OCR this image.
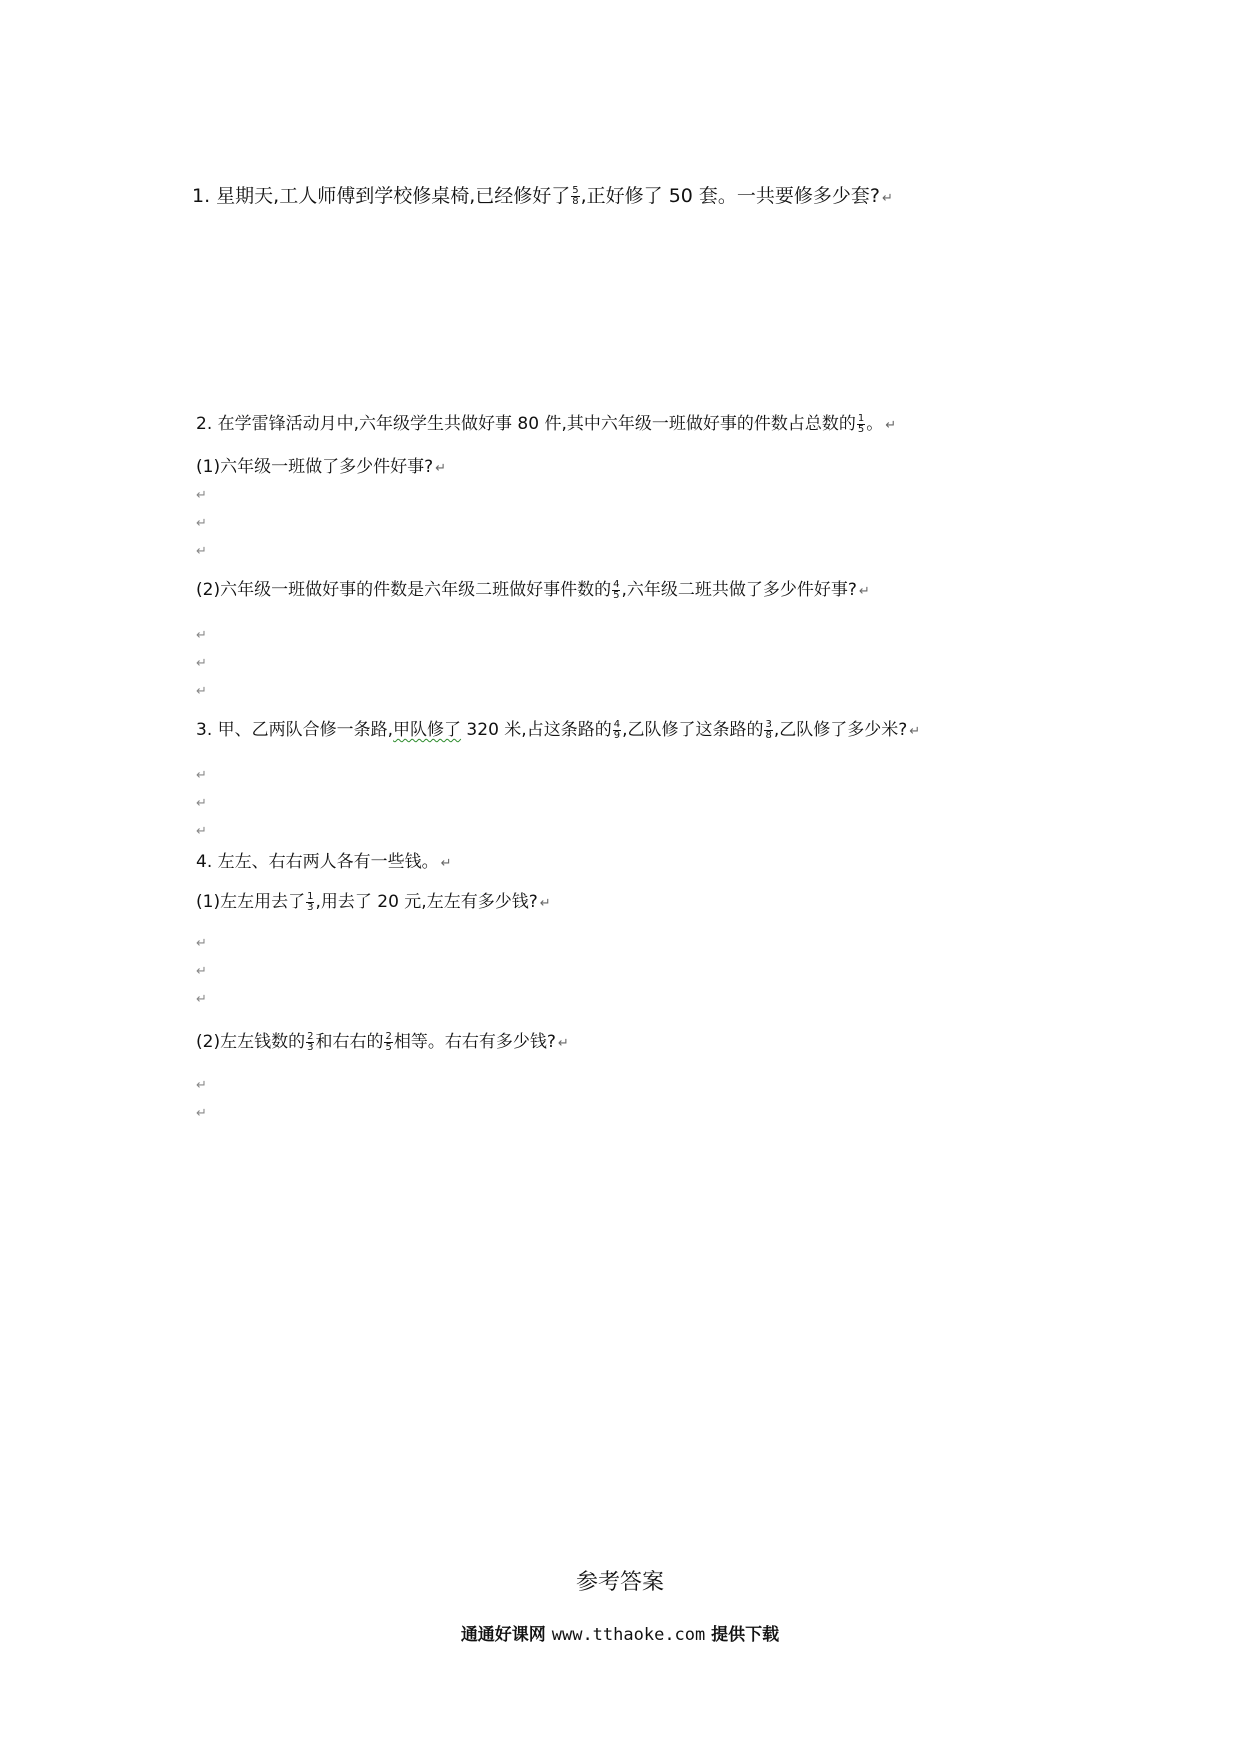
1. 星期天,工人师傅到学校修桌椅,已经修好了 $\frac{5}{8}$ ,正好修了 50 套。一共要修多少套? ↵
2. 在学雷锋活动月中,六年级学生共做好事 80 件,其中六年级一班做好事的件数占总数的 $\frac{1}{5}$ 。 ↵
(1)六年级一班做了多少件好事? ↵
↵
↵
↵
(2)六年级一班做好事的件数是六年级二班做好事件数的 $\frac{4}{5}$ ,六年级二班共做了多少件好事? ↵
↵
↵
↵
3. 甲、乙两队合修一条路,甲队修了 320 米,占这条路的 $\frac{4}{9}$ ,乙队修了这条路的 $\frac{3}{8}$ ,乙队修了多少米? ↵
↵
↵
↵
4. 左左、右右两人各有一些钱。 ↵
(1)左左用去了 $\frac{1}{3}$ ,用去了 20 元,左左有多少钱? ↵
↵
↵
↵
(2)左左钱数的 $\frac{2}{3}$ 和右右的 $\frac{2}{5}$ 相等。右右有多少钱? ↵
↵
↵
参考答案
通通好课网 www.tthaoke.com 提供下载
